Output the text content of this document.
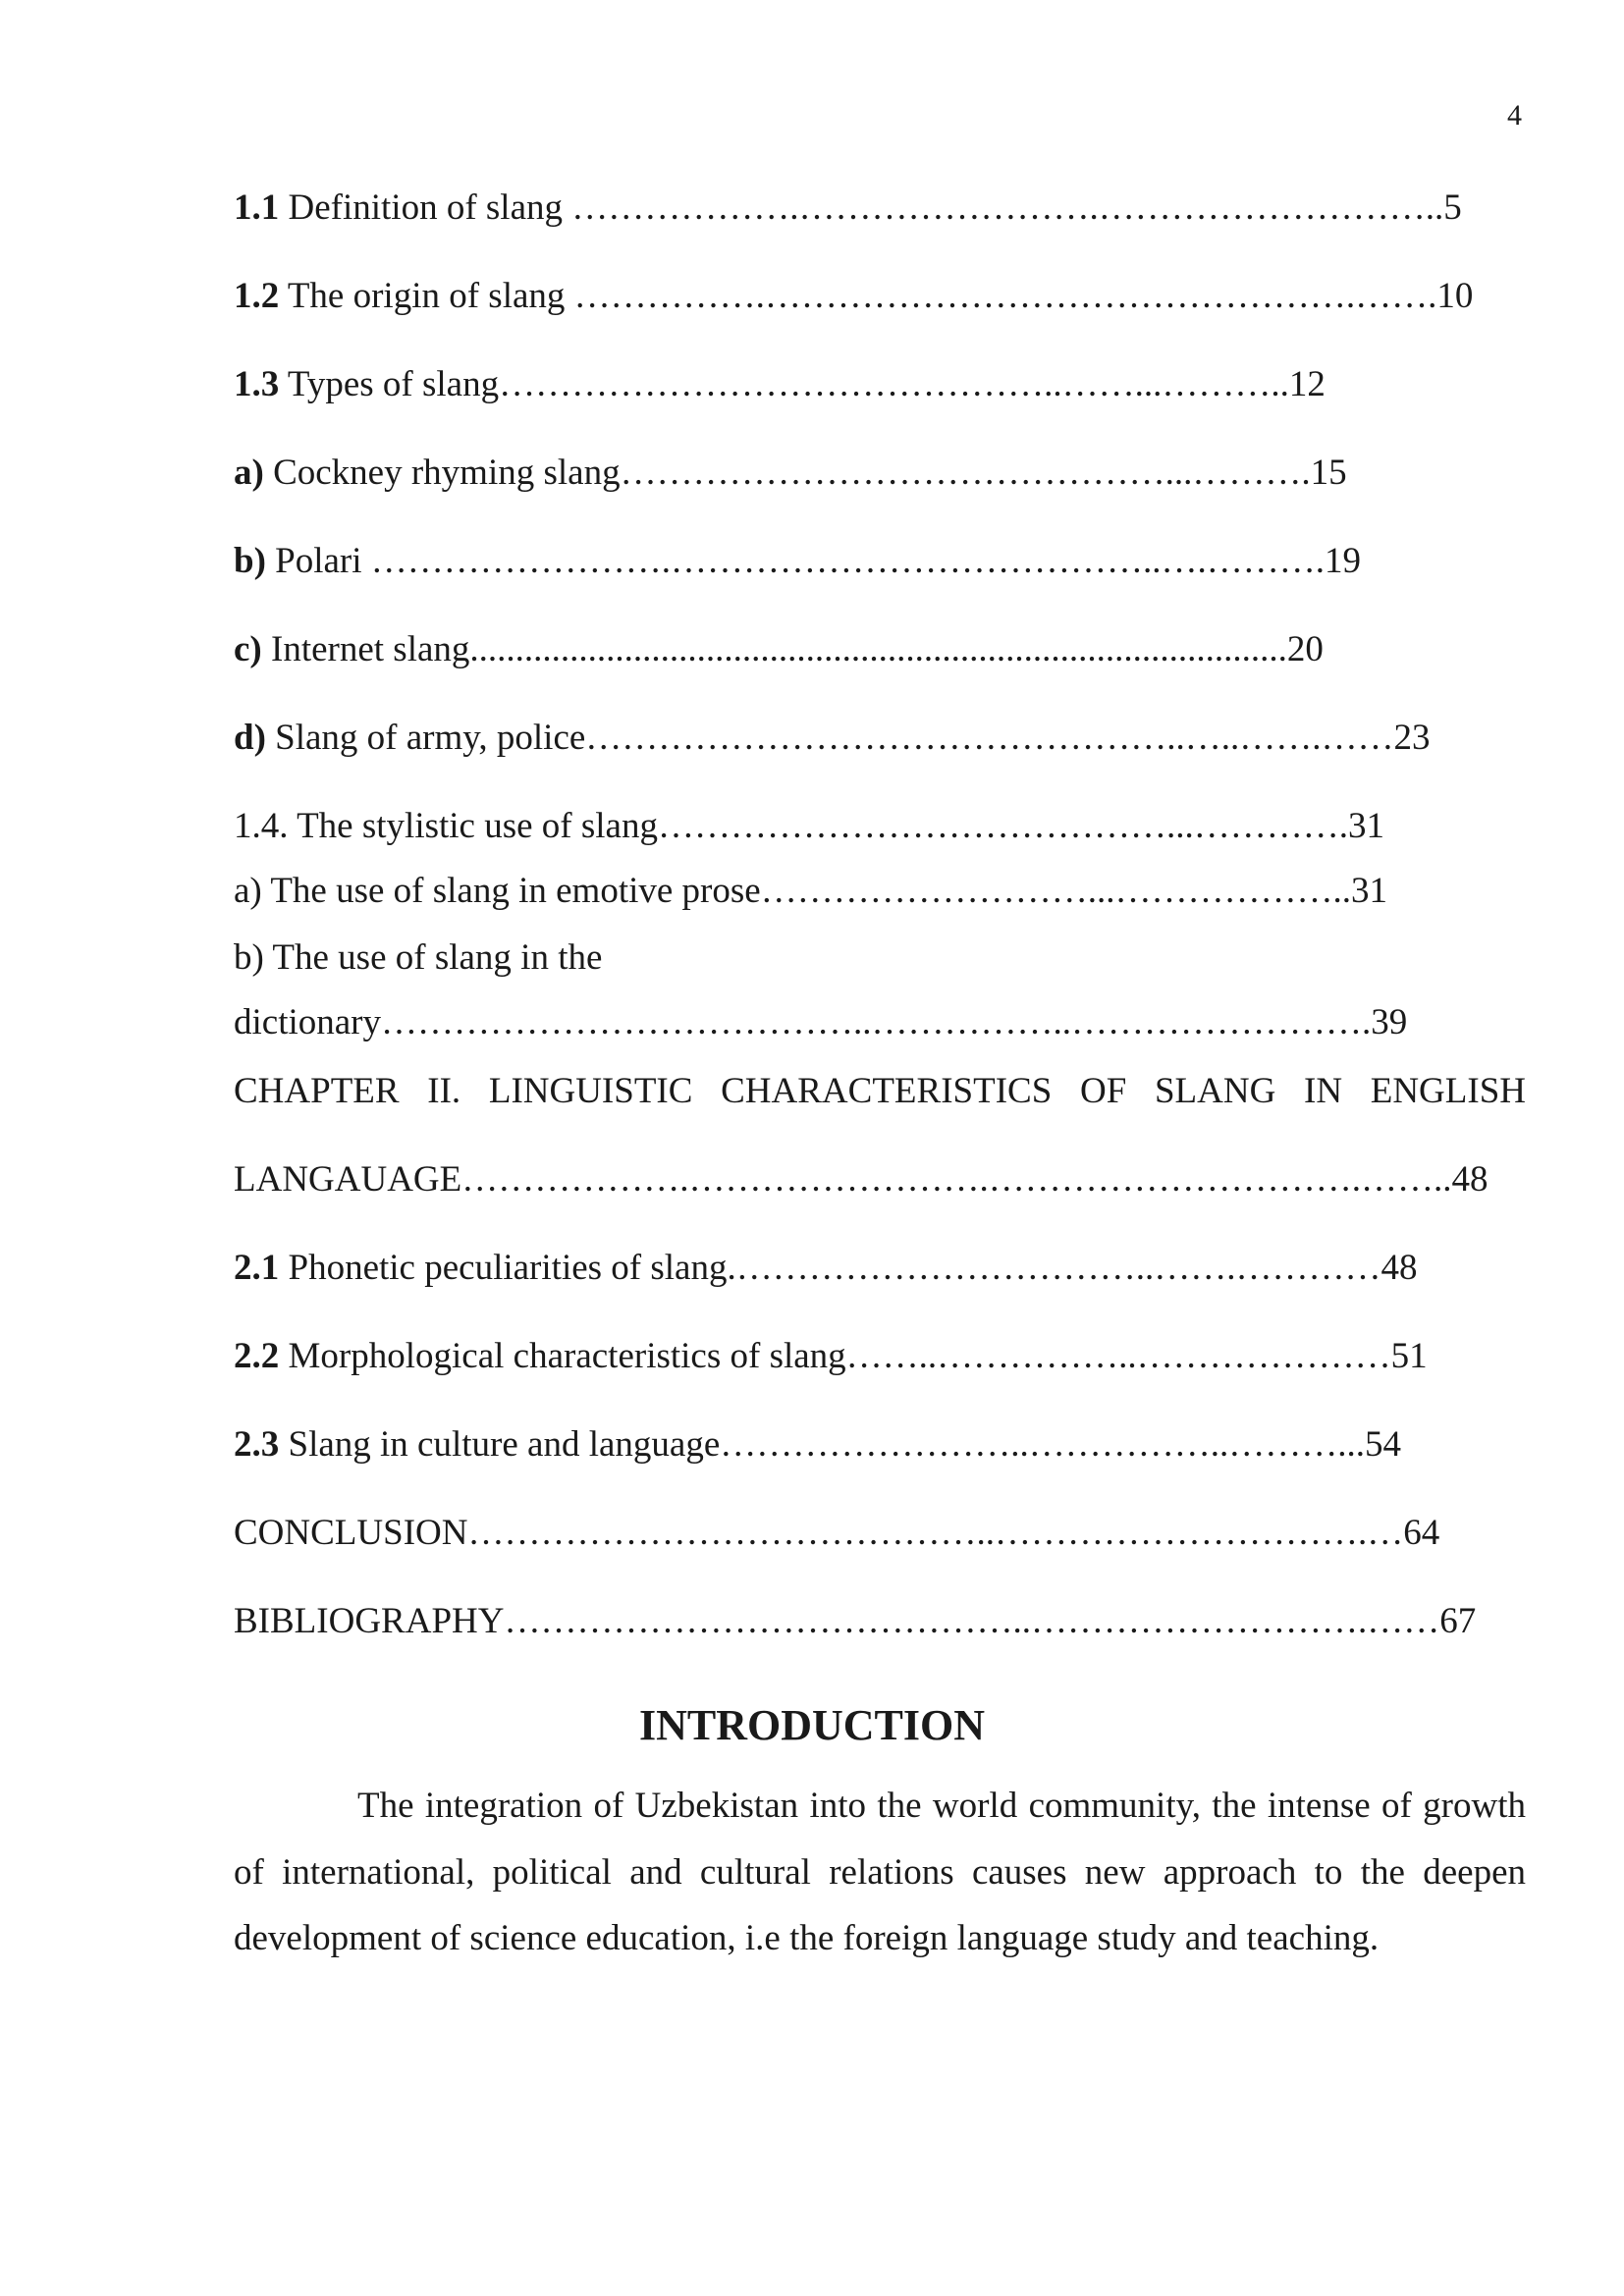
4
1.1 Definition of slang ……………….…………………….………………………..5
1.2 The origin of slang …………….………………………………………….…….10
1.3 Types of slang………………………………………..……...………..12
a) Cockney rhyming slang………………………………………...……….15
b) Polari …………………….…………………………………..….……….19
c) Internet slang..........................................................................................20
d) Slang of army, police…………………………………………..…..…….……23
1.4. The stylistic use of slang……………………………………...………….31
a) The use of slang in emotive prose………………………...………………..31
b) The use of slang in the
dictionary…………………………………..……………..…………………….39
LANGAUAGE……………….…………………….………………………….……..48
2.1 Phonetic peculiarities of slang.……………………………..…….…………48
2.2 Morphological characteristics of slang……..……………..…………………51
2.3 Slang in culture and language……………………..……………..………...54
CONCLUSION……………………………………..………………………….…64
BIBLIOGRAPHY……………………………………..……………………….……67
CHAPTER II. LINGUISTIC CHARACTERISTICS OF SLANG IN ENGLISH
INTRODUCTION

The integration of Uzbekistan into the world community, the intense of growth of international, political and cultural relations causes new approach to the deepen development of science education, i.e the foreign language study and teaching.
